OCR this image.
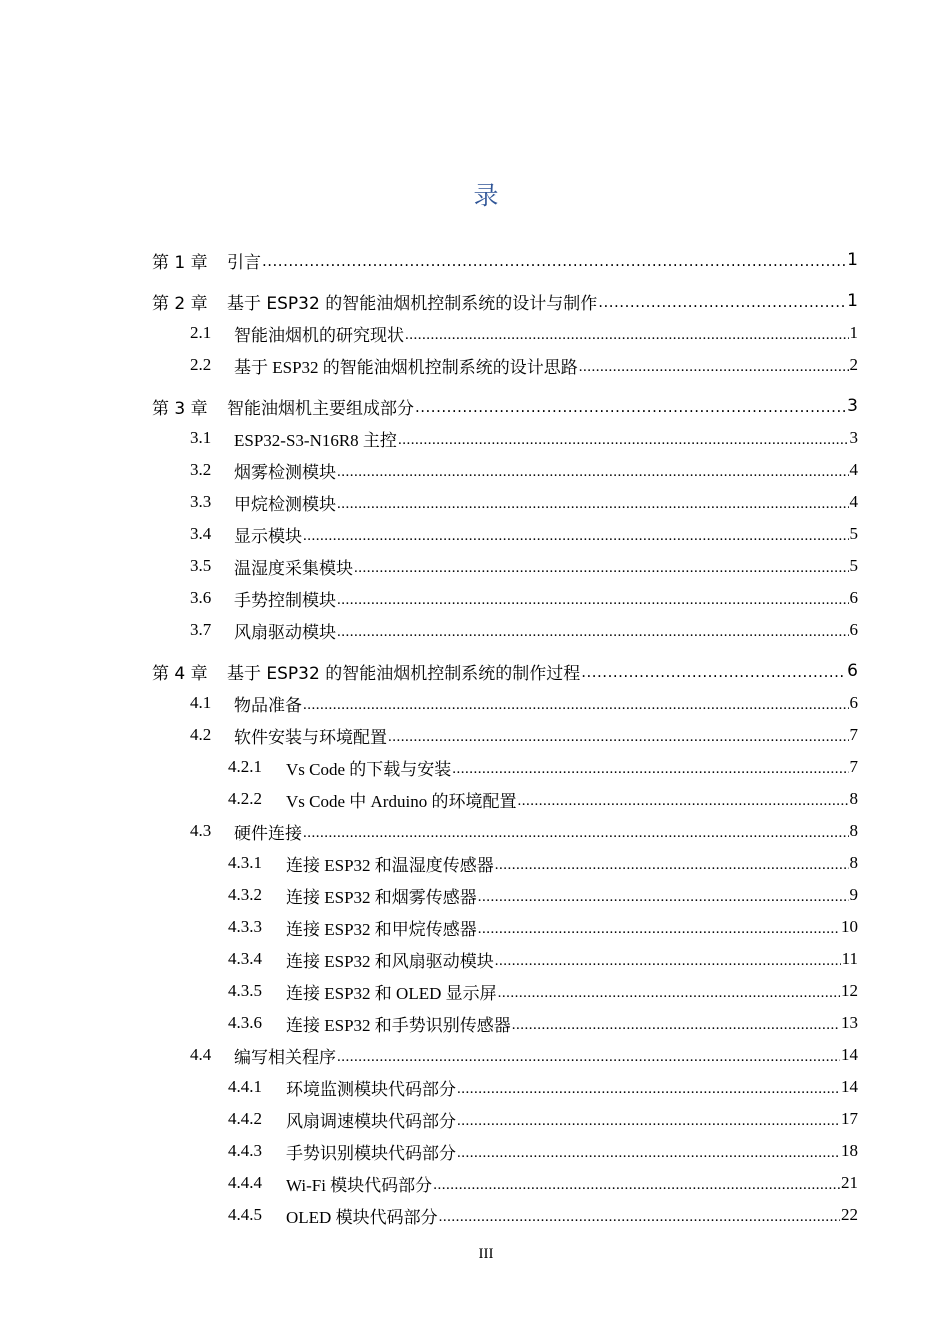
录
第 1 章	引言 .....	1
第 2 章	基于 ESP32 的智能油烟机控制系统的设计与制作 .....	1
2.1	智能油烟机的研究现状 .....	1
2.2	基于 ESP32 的智能油烟机控制系统的设计思路 .....	2
第 3 章	智能油烟机主要组成部分 .....	3
3.1	ESP32-S3-N16R8 主控 .....	3
3.2	烟雾检测模块 .....	4
3.3	甲烷检测模块 .....	4
3.4	显示模块 .....	5
3.5	温湿度采集模块 .....	5
3.6	手势控制模块 .....	6
3.7	风扇驱动模块 .....	6
第 4 章	基于 ESP32 的智能油烟机控制系统的制作过程 .....	6
4.1	物品准备 .....	6
4.2	软件安装与环境配置 .....	7
4.2.1	Vs Code 的下载与安装 .....	7
4.2.2	Vs Code 中 Arduino 的环境配置 .....	8
4.3	硬件连接 .....	8
4.3.1	连接 ESP32 和温湿度传感器 .....	8
4.3.2	连接 ESP32 和烟雾传感器 .....	9
4.3.3	连接 ESP32 和甲烷传感器 .....	10
4.3.4	连接 ESP32 和风扇驱动模块 .....	11
4.3.5	连接 ESP32 和 OLED 显示屏 .....	12
4.3.6	连接 ESP32 和手势识别传感器 .....	13
4.4	编写相关程序 .....	14
4.4.1	环境监测模块代码部分 .....	14
4.4.2	风扇调速模块代码部分 .....	17
4.4.3	手势识别模块代码部分 .....	18
4.4.4	Wi-Fi 模块代码部分 .....	21
4.4.5	OLED 模块代码部分 .....	22
III
